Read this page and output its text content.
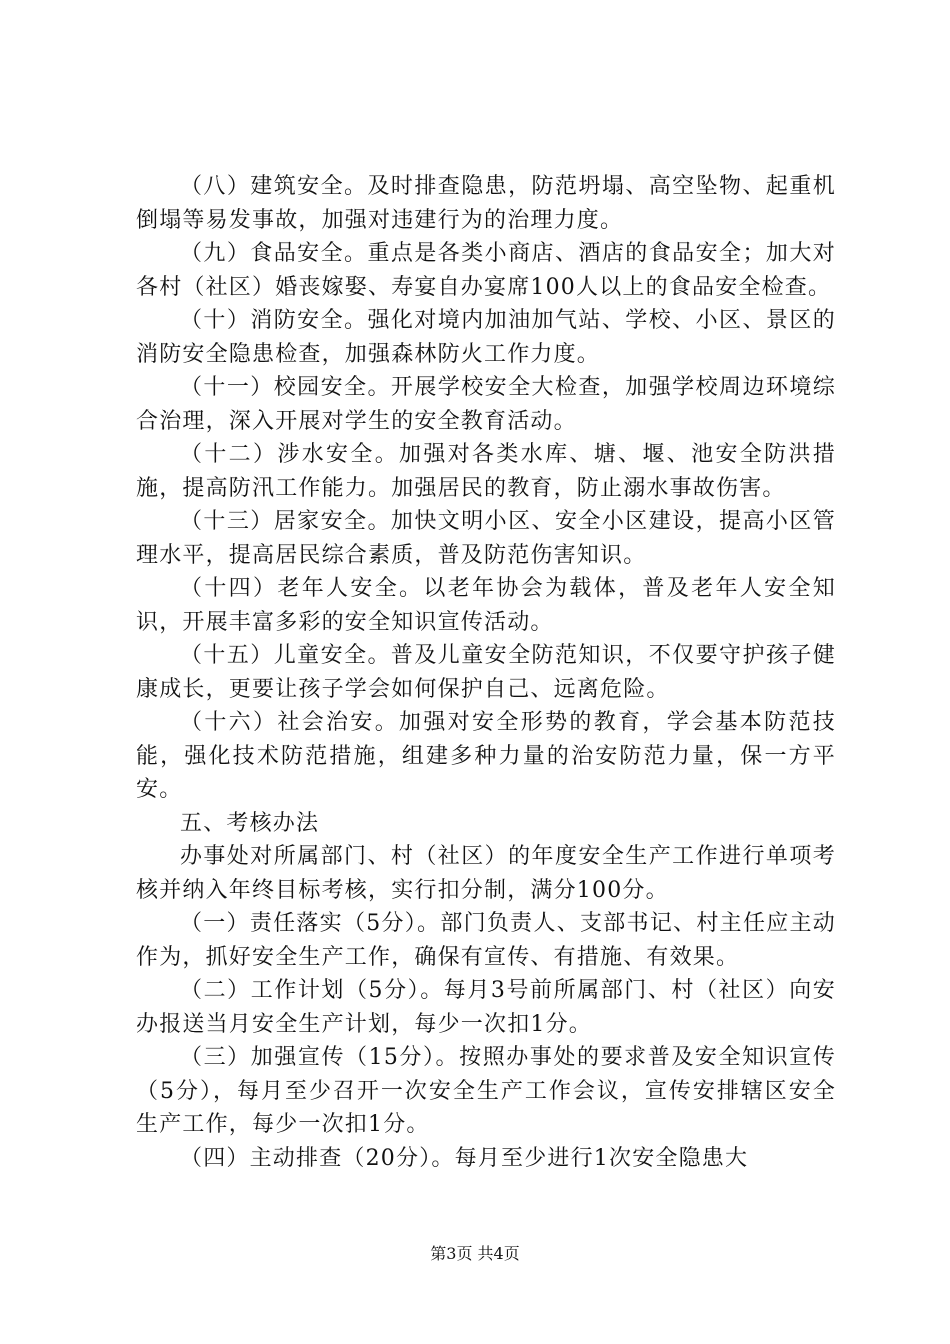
（八）建筑安全。及时排查隐患，防范坍塌、高空坠物、起重机倒塌等易发事故，加强对违建行为的治理力度。

（九）食品安全。重点是各类小商店、酒店的食品安全；加大对各村（社区）婚丧嫁娶、寿宴自办宴席100人以上的食品安全检查。

（十）消防安全。强化对境内加油加气站、学校、小区、景区的消防安全隐患检查，加强森林防火工作力度。

（十一）校园安全。开展学校安全大检查，加强学校周边环境综合治理，深入开展对学生的安全教育活动。

（十二）涉水安全。加强对各类水库、塘、堰、池安全防洪措施，提高防汛工作能力。加强居民的教育，防止溺水事故伤害。

（十三）居家安全。加快文明小区、安全小区建设，提高小区管理水平，提高居民综合素质，普及防范伤害知识。

（十四）老年人安全。以老年协会为载体，普及老年人安全知识，开展丰富多彩的安全知识宣传活动。

（十五）儿童安全。普及儿童安全防范知识，不仅要守护孩子健康成长，更要让孩子学会如何保护自己、远离危险。

（十六）社会治安。加强对安全形势的教育，学会基本防范技能，强化技术防范措施，组建多种力量的治安防范力量，保一方平安。

五、考核办法

办事处对所属部门、村（社区）的年度安全生产工作进行单项考核并纳入年终目标考核，实行扣分制，满分100分。

（一）责任落实（5分）。部门负责人、支部书记、村主任应主动作为，抓好安全生产工作，确保有宣传、有措施、有效果。

（二）工作计划（5分）。每月3号前所属部门、村（社区）向安办报送当月安全生产计划，每少一次扣1分。

（三）加强宣传（15分）。按照办事处的要求普及安全知识宣传（5分），每月至少召开一次安全生产工作会议，宣传安排辖区安全生产工作，每少一次扣1分。

（四）主动排查（20分）。每月至少进行1次安全隐患大

第3页 共4页
